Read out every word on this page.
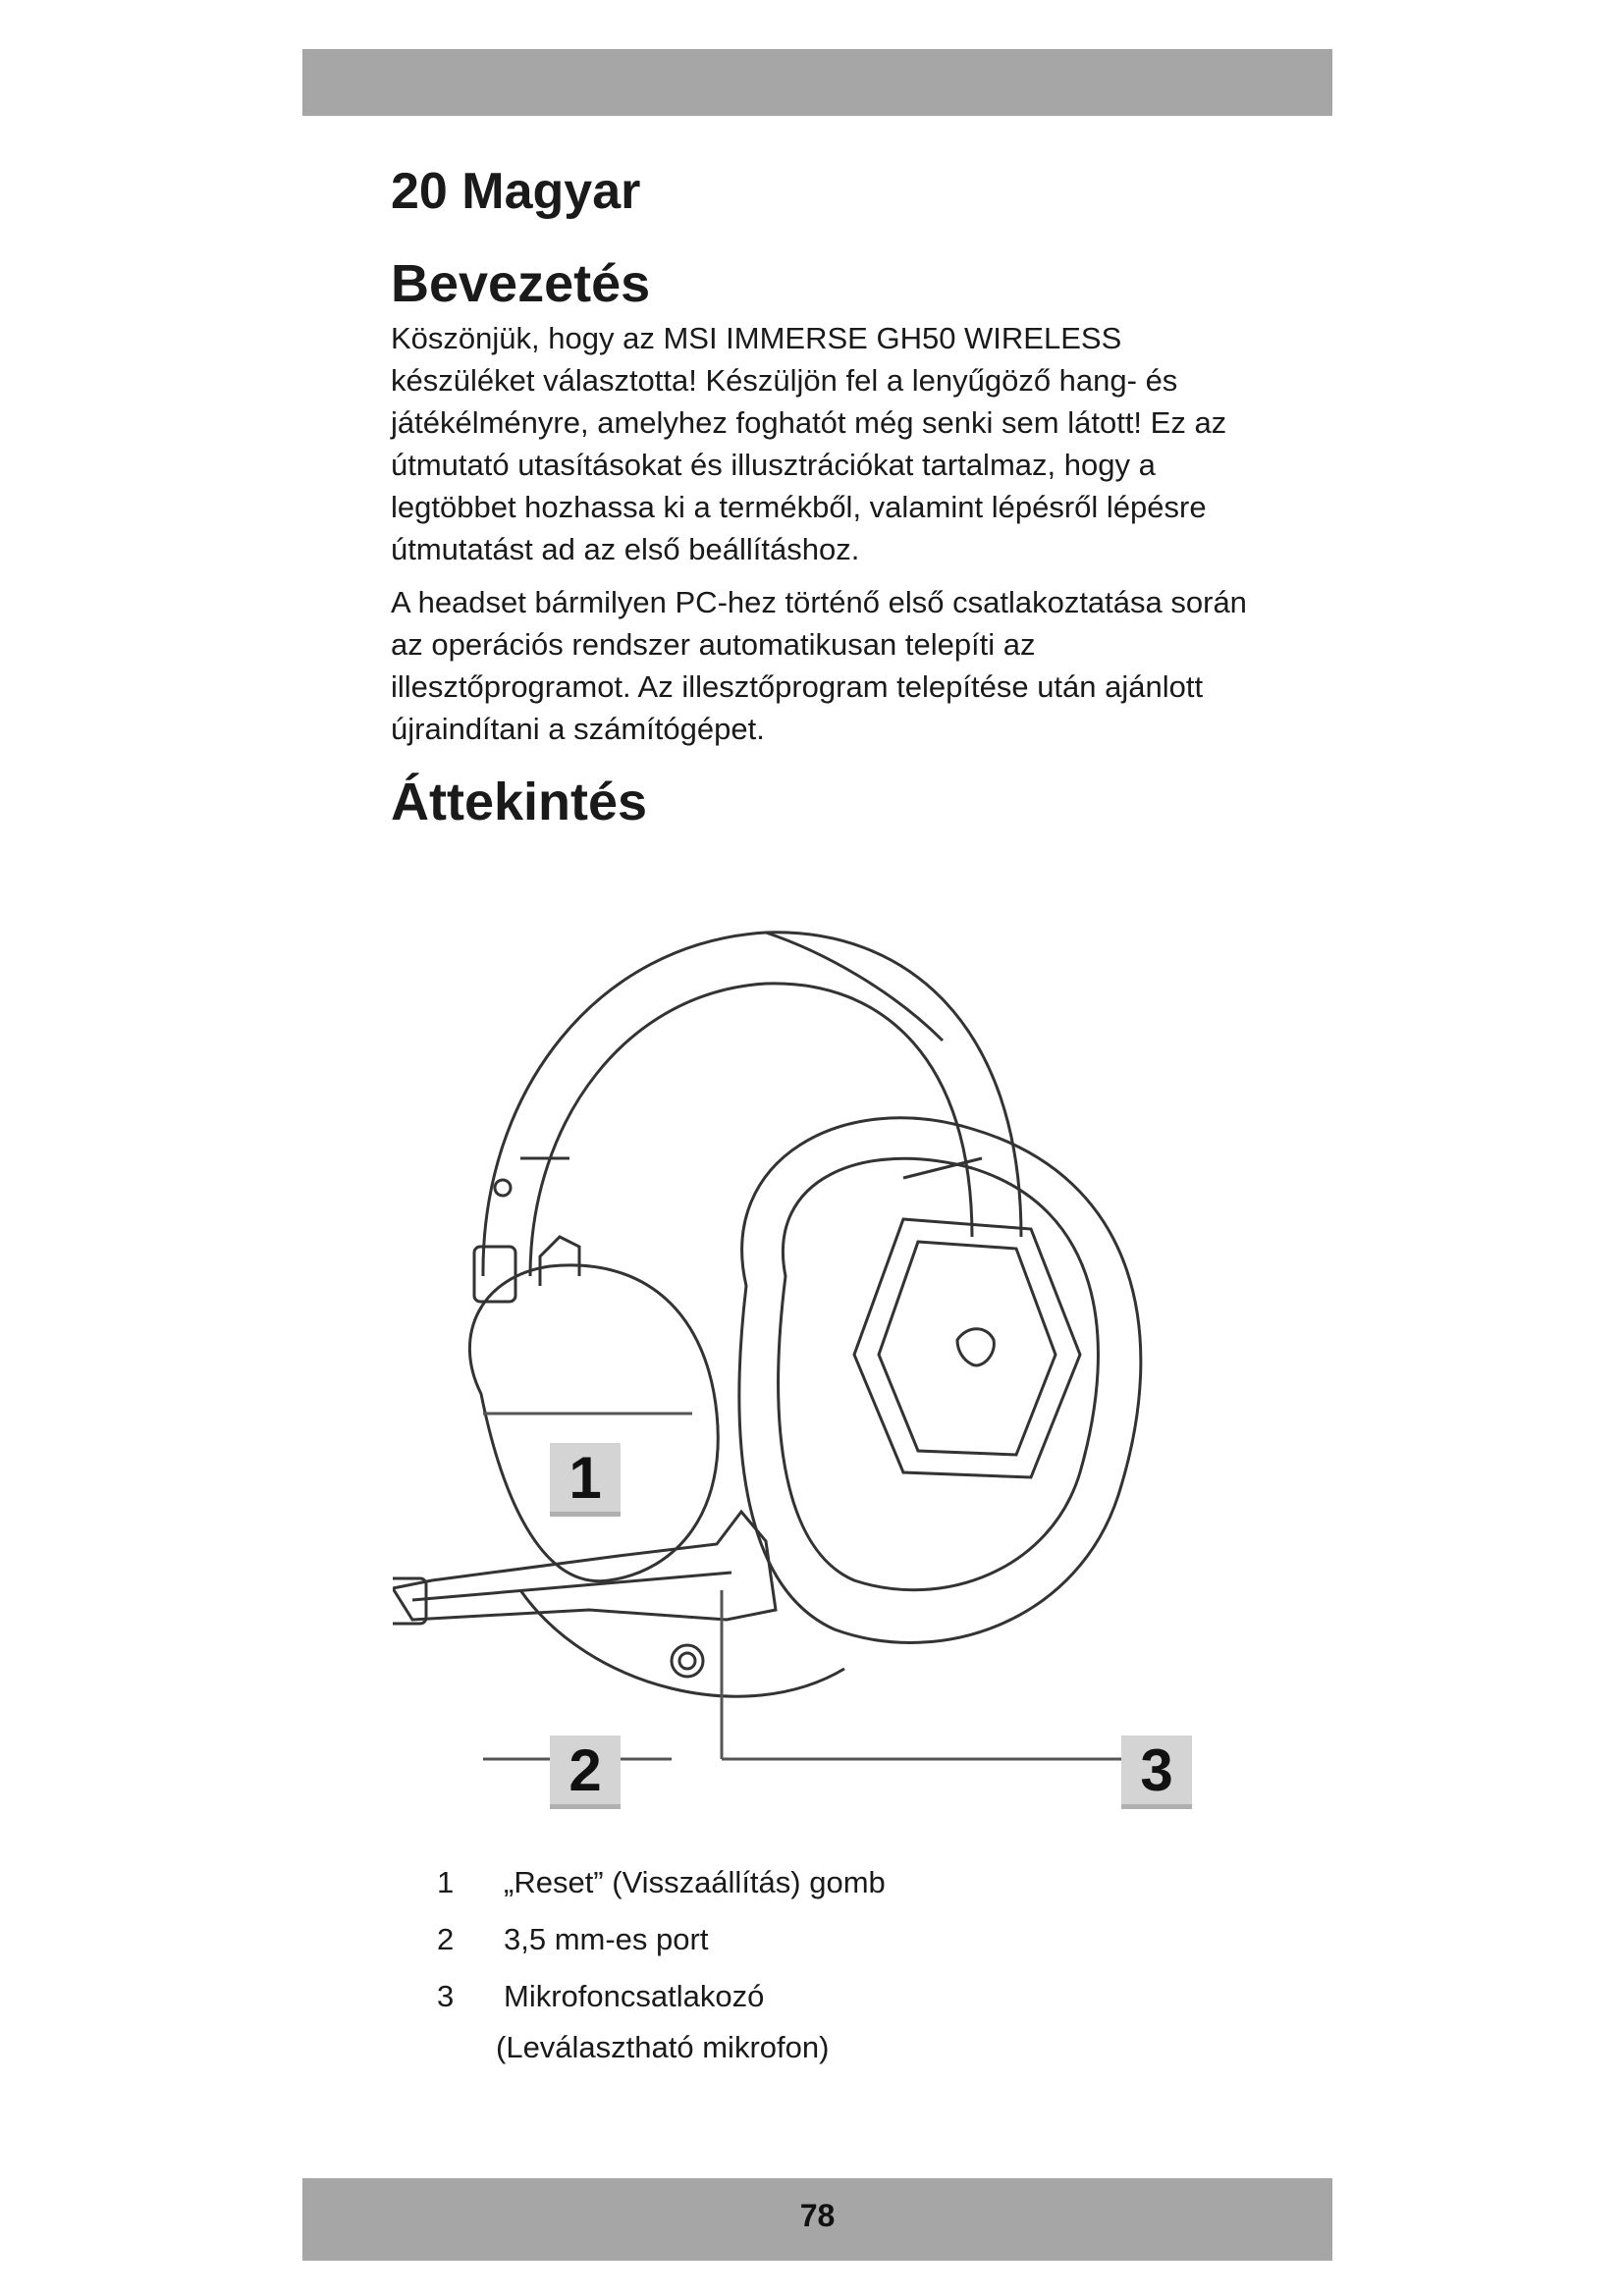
20 Magyar
Bevezetés

Köszönjük, hogy az MSI IMMERSE GH50 WIRELESS készüléket választotta! Készüljön fel a lenyűgöző hang- és játékélményre, amelyhez foghatót még senki sem látott! Ez az útmutató utasításokat és illusztrációkat tartalmaz, hogy a legtöbbet hozhassa ki a termékből, valamint lépésről lépésre útmutatást ad az első beállításhoz.

A headset bármilyen PC-hez történő első csatlakoztatása során az operációs rendszer automatikusan telepíti az illesztőprogramot. Az illesztőprogram telepítése után ajánlott újraindítani a számítógépet.

Áttekintés
1
2	3
1	„Reset” (Visszaállítás) gomb
2	3,5 mm-es port
3	Mikrofoncsatlakozó
(Leválasztható mikrofon)
78
